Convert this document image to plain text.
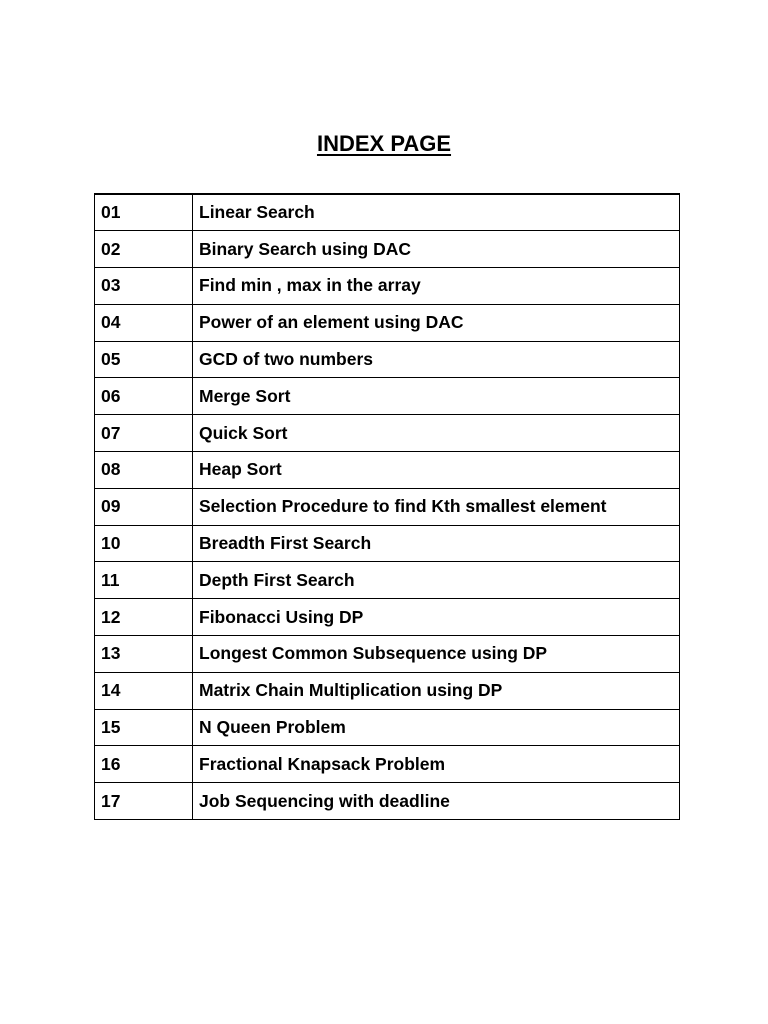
INDEX PAGE
01	Linear Search
02	Binary Search using DAC
03	Find min , max in the array
04	Power of an element using DAC
05	GCD of two numbers
06	Merge Sort
07	Quick Sort
08	Heap Sort
09	Selection Procedure to find Kth smallest element
10	Breadth First Search
11	Depth First Search
12	Fibonacci Using DP
13	Longest Common Subsequence using DP
14	Matrix Chain Multiplication using DP
15	N Queen Problem
16	Fractional Knapsack Problem
17	Job Sequencing with deadline
